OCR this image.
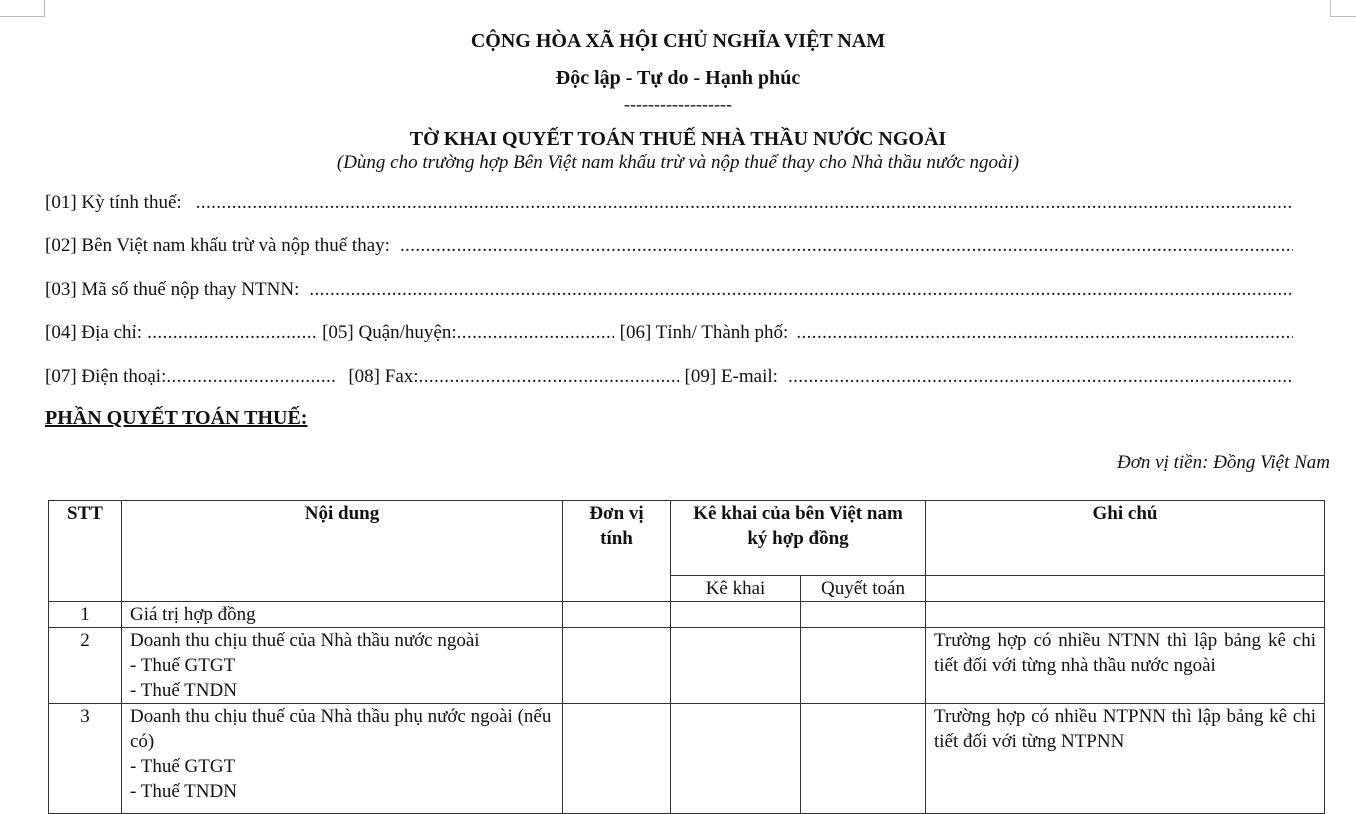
CỘNG HÒA XÃ HỘI CHỦ NGHĨA VIỆT NAM
Độc lập - Tự do - Hạnh phúc
------------------
TỜ KHAI QUYẾT TOÁN THUẾ NHÀ THẦU NƯỚC NGOÀI
(Dùng cho trường hợp Bên Việt nam khấu trừ và nộp thuế thay cho Nhà thầu nước ngoài)
[01] Kỳ tính thuế:
.....
[02] Bên Việt nam khấu trừ và nộp thuế thay:
.....
[03] Mã số thuế nộp thay NTNN:
.....
[04] Địa chỉ: .....	[05] Quận/huyện: .....	[06] Tỉnh/ Thành phố:
.....
[07] Điện thoại: .....	[08] Fax: .....	[09] E-mail:
.....
PHẦN QUYẾT TOÁN THUẾ:
Đơn vị tiền: Đồng Việt Nam
STT	Nội dung	Đơn vị tính	Kê khai của bên Việt nam ký hợp đồng		Ghi chú
			Kê khai	Quyết toán	
1	Giá trị hợp đồng				
2	Doanh thu chịu thuế của Nhà thầu nước ngoài
- Thuế GTGT
- Thuế TNDN				Trường hợp có nhiều NTNN thì lập bảng kê chi tiết đối với từng nhà thầu nước ngoài
3	Doanh thu chịu thuế của Nhà thầu phụ nước ngoài (nếu có)
- Thuế GTGT
- Thuế TNDN				Trường hợp có nhiều NTPNN thì lập bảng kê chi tiết đối với từng NTPNN
